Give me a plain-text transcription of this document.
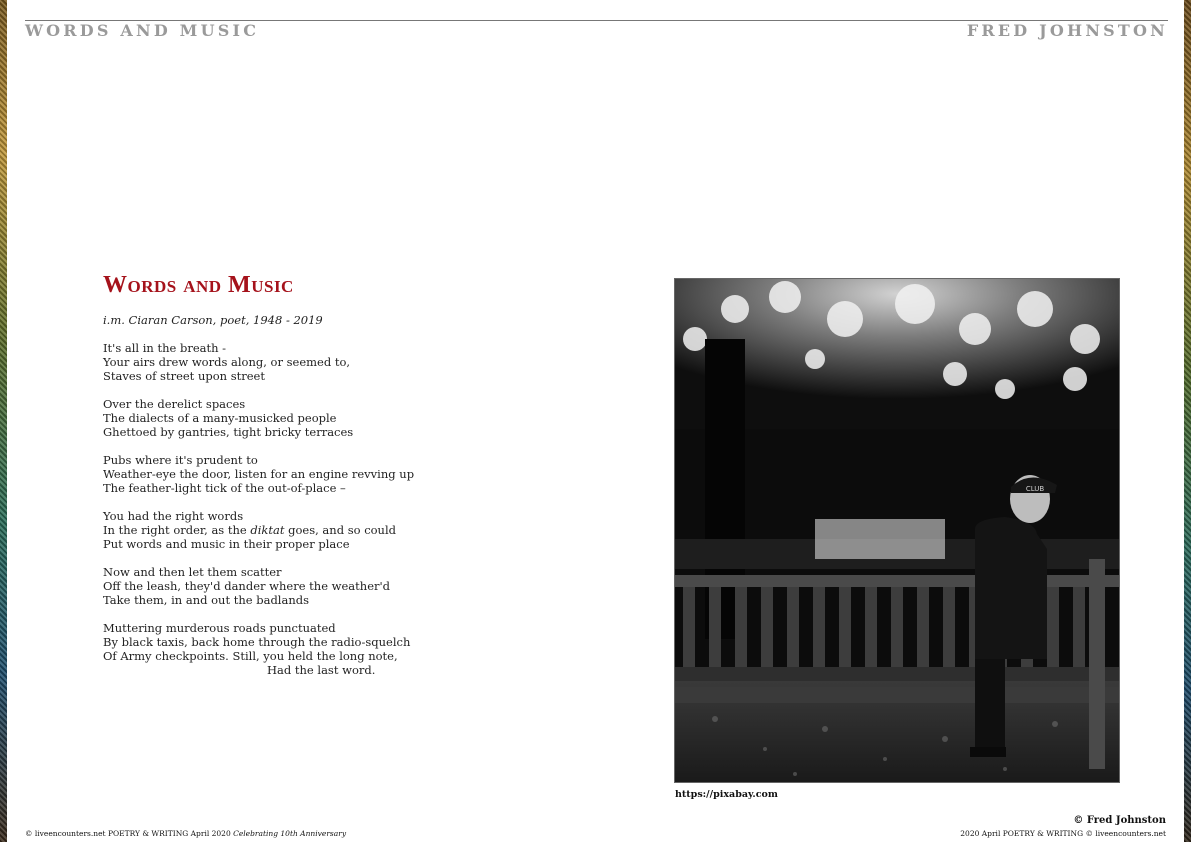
WORDS AND MUSIC	FRED JOHNSTON
Words and Music
i.m. Ciaran Carson, poet, 1948 - 2019
It's all in the breath -
Your airs drew words along, or seemed to,
Staves of street upon street
Over the derelict spaces
The dialects of a many-musicked people
Ghettoed by gantries, tight bricky terraces
Pubs where it's prudent to
Weather-eye the door, listen for an engine revving up
The feather-light tick of the out-of-place –
You had the right words
In the right order, as the diktat goes, and so could
Put words and music in their proper place
Now and then let them scatter
Off the leash, they'd dander where the weather'd
Take them, in and out the badlands
Muttering murderous roads punctuated
By black taxis, back home through the radio-squelch
Of Army checkpoints. Still, you held the long note,
Had the last word.
CLUB
https://pixabay.com
© liveencounters.net POETRY & WRITING April 2020 Celebrating 10th Anniversary
© Fred Johnston
2020 April POETRY & WRITING © liveencounters.net
